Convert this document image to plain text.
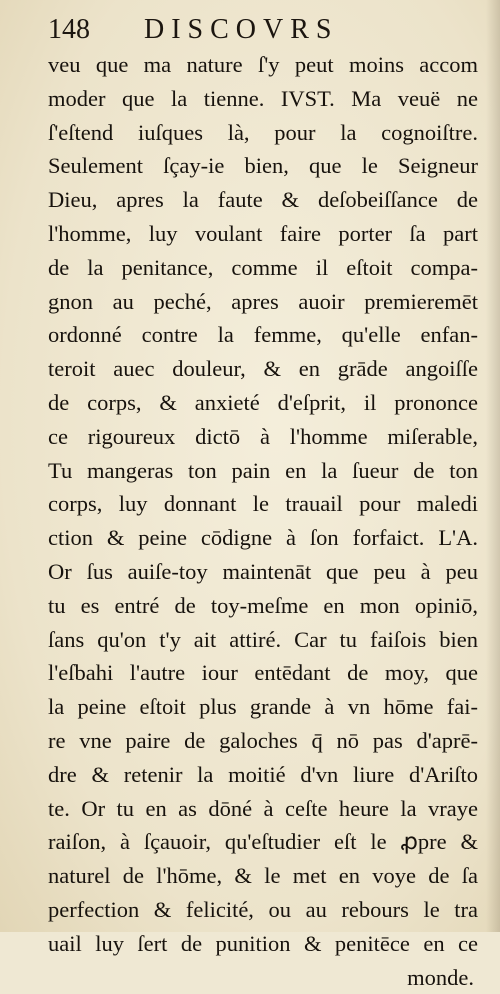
148 DISCOVRS
veu que ma nature ſ'y peut moins accom
moder que la tienne. IVST. Ma veuë ne
ſ'eſtend iuſques là, pour la cognoiſtre.
Seulement ſçay-ie bien, que le Seigneur
Dieu, apres la faute & deſobeiſſance de
l'homme, luy voulant faire porter ſa part
de la penitance, comme il eſtoit compa-
gnon au peché, apres auoir premieremēt
ordonné contre la femme, qu'elle enfan-
teroit auec douleur, & en grāde angoiſſe
de corps, & anxieté d'eſprit, il prononce
ce rigoureux dictō à l'homme miſerable,
Tu mangeras ton pain en la ſueur de ton
corps, luy donnant le trauail pour maledi
ction & peine cōdigne à ſon forfaict. L'A.
Or ſus auiſe-toy maintenāt que peu à peu
tu es entré de toy-meſme en mon opiniō,
ſans qu'on t'y ait attiré. Car tu faiſois bien
l'eſbahi l'autre iour entēdant de moy, que
la peine eſtoit plus grande à vn hōme fai-
re vne paire de galoches q̄ nō pas d'aprē-
dre & retenir la moitié d'vn liure d'Ariſto
te. Or tu en as dōné à ceſte heure la vraye
raiſon, à ſçauoir, qu'eſtudier eſt le ꝓpre &
naturel de l'hōme, & le met en voye de ſa
perfection & felicité, ou au rebours le tra
uail luy ſert de punition & penitēce en ce
monde.
